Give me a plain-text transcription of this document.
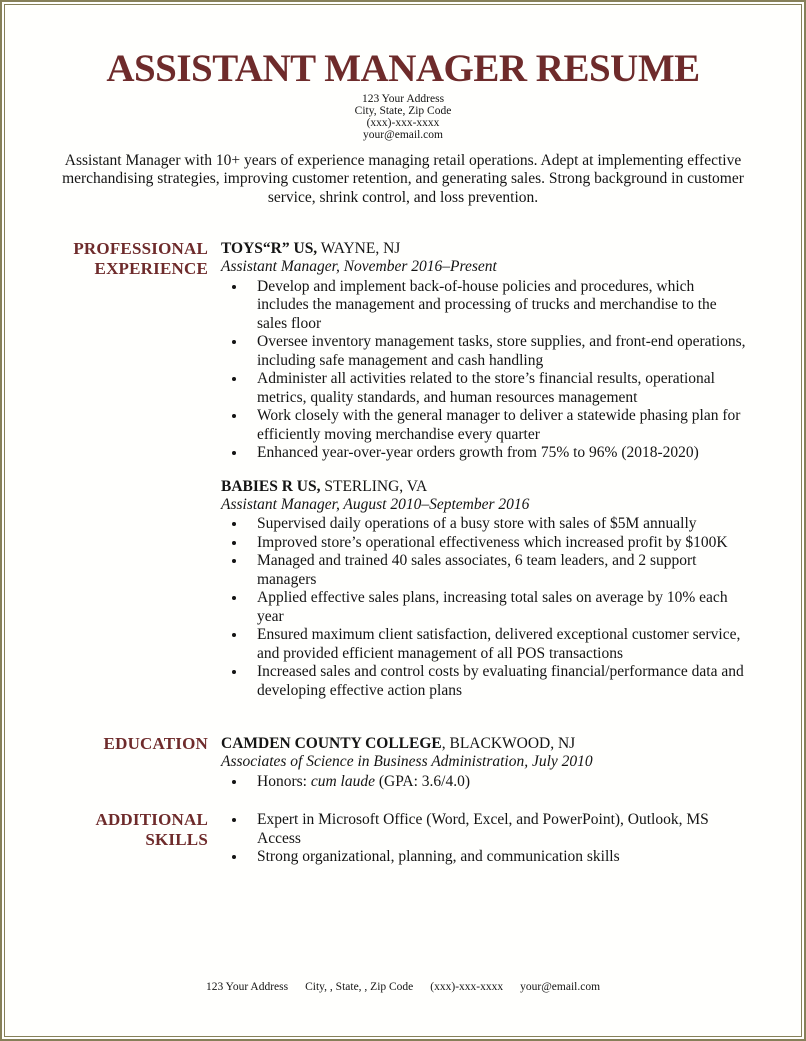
ASSISTANT MANAGER RESUME
123 Your Address
City, State, Zip Code
(xxx)-xxx-xxxx
your@email.com
Assistant Manager with 10+ years of experience managing retail operations. Adept at implementing effective merchandising strategies, improving customer retention, and generating sales. Strong background in customer service, shrink control, and loss prevention.
PROFESSIONAL EXPERIENCE
TOYS“R” US, WAYNE, NJ
Assistant Manager, November 2016–Present
• Develop and implement back-of-house policies and procedures, which includes the management and processing of trucks and merchandise to the sales floor
• Oversee inventory management tasks, store supplies, and front-end operations, including safe management and cash handling
• Administer all activities related to the store’s financial results, operational metrics, quality standards, and human resources management
• Work closely with the general manager to deliver a statewide phasing plan for efficiently moving merchandise every quarter
• Enhanced year-over-year orders growth from 75% to 96% (2018-2020)
BABIES R US, STERLING, VA
Assistant Manager, August 2010–September 2016
• Supervised daily operations of a busy store with sales of $5M annually
• Improved store’s operational effectiveness which increased profit by $100K
• Managed and trained 40 sales associates, 6 team leaders, and 2 support managers
• Applied effective sales plans, increasing total sales on average by 10% each year
• Ensured maximum client satisfaction, delivered exceptional customer service, and provided efficient management of all POS transactions
• Increased sales and control costs by evaluating financial/performance data and developing effective action plans
EDUCATION CAMDEN COUNTY COLLEGE, BLACKWOOD, NJ
Associates of Science in Business Administration, July 2010
• Honors: cum laude (GPA: 3.6/4.0)
ADDITIONAL SKILLS
• Expert in Microsoft Office (Word, Excel, and PowerPoint), Outlook, MS Access
• Strong organizational, planning, and communication skills
123 Your Address City, , State, , Zip Code (xxx)-xxx-xxxx your@email.com
